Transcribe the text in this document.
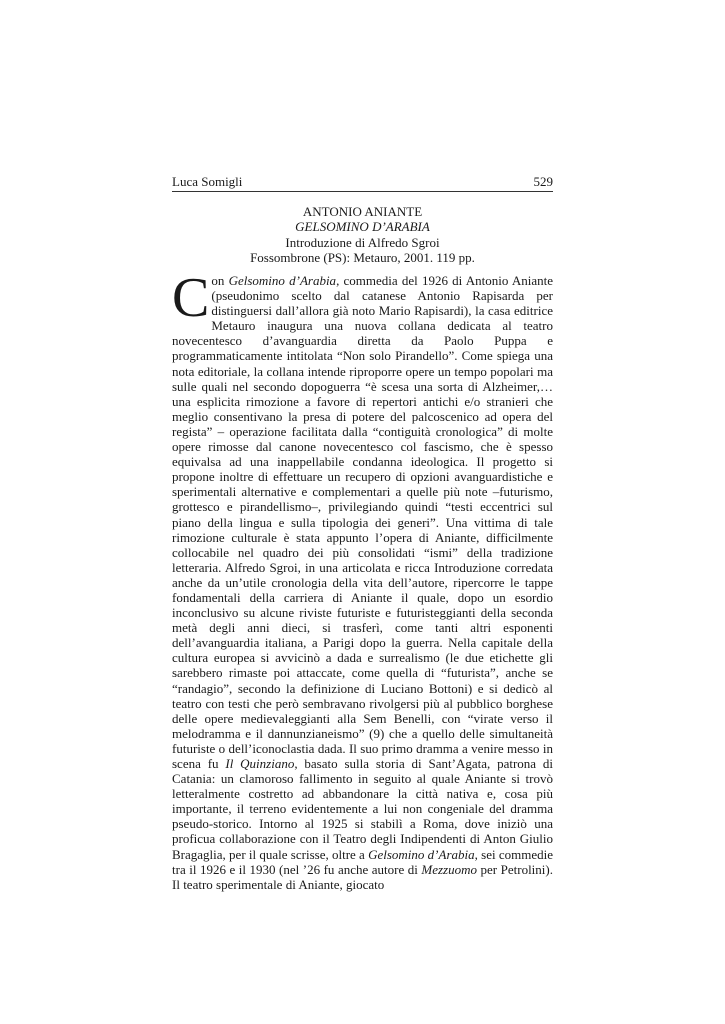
Luca Somigli	529
ANTONIO ANIANTE
GELSOMINO D’ARABIA
Introduzione di Alfredo Sgroi
Fossombrone (PS): Metauro, 2001. 119 pp.

Con Gelsomino d’Arabia, commedia del 1926 di Antonio Aniante (pseudonimo scelto dal catanese Antonio Rapisarda per distinguersi dall’allora già noto Mario Rapisardi), la casa editrice Metauro inaugura una nuova collana dedicata al teatro novecentesco d’avanguardia diretta da Paolo Puppa e programmaticamente intitolata “Non solo Pirandello”. Come spiega una nota editoriale, la collana intende riproporre opere un tempo popolari ma sulle quali nel secondo dopoguerra “è scesa una sorta di Alzheimer,…una esplicita rimozione a favore di repertori antichi e/o stranieri che meglio consentivano la presa di potere del palcoscenico ad opera del regista” – operazione facilitata dalla “contiguità cronologica” di molte opere rimosse dal canone novecentesco col fascismo, che è spesso equivalsa ad una inappellabile condanna ideologica. Il progetto si propone inoltre di effettuare un recupero di opzioni avanguardistiche e sperimentali alternative e complementari a quelle più note –futurismo, grottesco e pirandellismo–, privilegiando quindi “testi eccentrici sul piano della lingua e sulla tipologia dei generi”. Una vittima di tale rimozione culturale è stata appunto l’opera di Aniante, difficilmente collocabile nel quadro dei più consolidati “ismi” della tradizione letteraria. Alfredo Sgroi, in una articolata e ricca Introduzione corredata anche da un’utile cronologia della vita dell’autore, ripercorre le tappe fondamentali della carriera di Aniante il quale, dopo un esordio inconclusivo su alcune riviste futuriste e futuristeggianti della seconda metà degli anni dieci, si trasferì, come tanti altri esponenti dell’avanguardia italiana, a Parigi dopo la guerra. Nella capitale della cultura europea si avvicinò a dada e surrealismo (le due etichette gli sarebbero rimaste poi attaccate, come quella di “futurista”, anche se “randagio”, secondo la definizione di Luciano Bottoni) e si dedicò al teatro con testi che però sembravano rivolgersi più al pubblico borghese delle opere medievaleggianti alla Sem Benelli, con “virate verso il melodramma e il dannunzianeismo” (9) che a quello delle simultaneità futuriste o dell’iconoclastia dada. Il suo primo dramma a venire messo in scena fu Il Quinziano, basato sulla storia di Sant’Agata, patrona di Catania: un clamoroso fallimento in seguito al quale Aniante si trovò letteralmente costretto ad abbandonare la città nativa e, cosa più importante, il terreno evidentemente a lui non congeniale del dramma pseudo-storico. Intorno al 1925 si stabilì a Roma, dove iniziò una proficua collaborazione con il Teatro degli Indipendenti di Anton Giulio Bragaglia, per il quale scrisse, oltre a Gelsomino d’Arabia, sei commedie tra il 1926 e il 1930 (nel ’26 fu anche autore di Mezzuomo per Petrolini). Il teatro sperimentale di Aniante, giocato
